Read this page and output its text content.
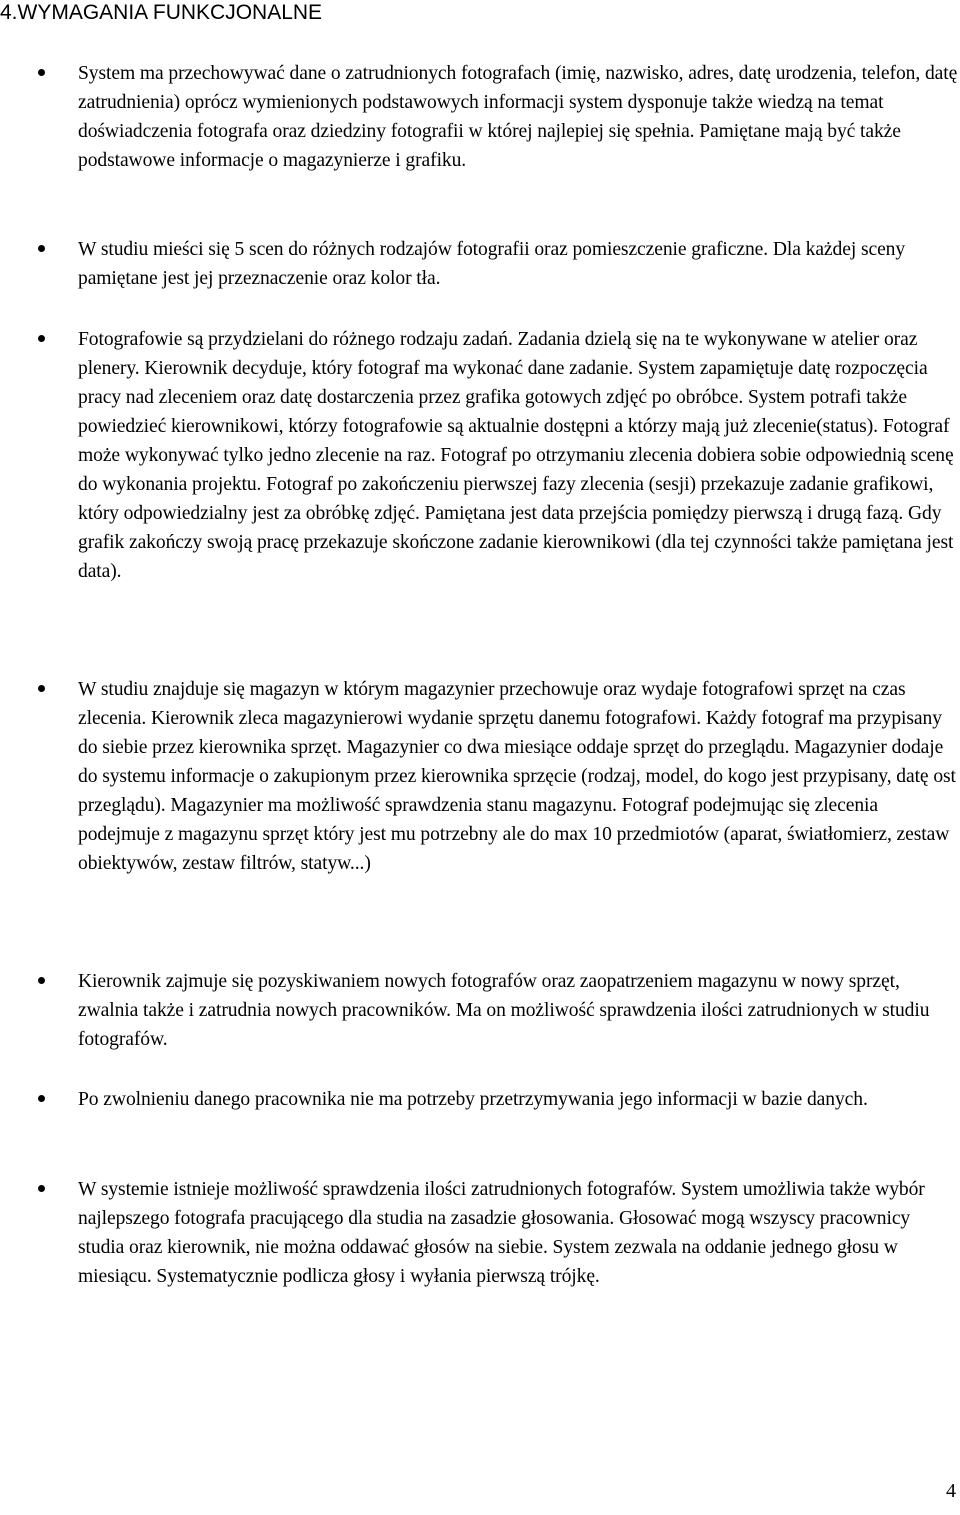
4.WYMAGANIA FUNKCJONALNE
System ma przechowywać dane o zatrudnionych fotografach (imię, nazwisko, adres, datę urodzenia, telefon, datę zatrudnienia) oprócz wymienionych podstawowych informacji system dysponuje także wiedzą na temat doświadczenia fotografa oraz dziedziny fotografii w której najlepiej się spełnia. Pamiętane mają być także podstawowe informacje o magazynierze i grafiku.
W studiu mieści się 5 scen do różnych rodzajów fotografii oraz pomieszczenie graficzne. Dla każdej sceny pamiętane jest jej przeznaczenie oraz kolor tła.
Fotografowie są przydzielani do różnego rodzaju zadań. Zadania dzielą się na te wykonywane w atelier oraz plenery. Kierownik decyduje, który fotograf ma wykonać dane zadanie. System zapamiętuje datę rozpoczęcia pracy nad zleceniem oraz datę dostarczenia przez grafika gotowych zdjęć po obróbce. System potrafi także powiedzieć kierownikowi, którzy fotografowie są aktualnie dostępni a którzy mają już zlecenie(status). Fotograf może wykonywać tylko jedno zlecenie na raz. Fotograf po otrzymaniu zlecenia dobiera sobie odpowiednią scenę do wykonania projektu. Fotograf po zakończeniu pierwszej fazy zlecenia (sesji) przekazuje zadanie grafikowi, który odpowiedzialny jest za obróbkę zdjęć. Pamiętana jest data przejścia pomiędzy pierwszą i drugą fazą. Gdy grafik zakończy swoją pracę przekazuje skończone zadanie kierownikowi (dla tej czynności także pamiętana jest data).
W studiu znajduje się magazyn w którym magazynier przechowuje oraz wydaje fotografowi sprzęt na czas zlecenia. Kierownik zleca magazynierowi wydanie sprzętu danemu fotografowi. Każdy fotograf ma przypisany do siebie przez kierownika sprzęt. Magazynier co dwa miesiące oddaje sprzęt do przeglądu. Magazynier dodaje do systemu informacje o zakupionym przez kierownika sprzęcie (rodzaj, model, do kogo jest przypisany, datę ost przeglądu). Magazynier ma możliwość sprawdzenia stanu magazynu. Fotograf podejmując się zlecenia podejmuje z magazynu sprzęt który jest mu potrzebny ale do max 10 przedmiotów (aparat, światłomierz, zestaw obiektywów, zestaw filtrów, statyw...)
Kierownik zajmuje się pozyskiwaniem nowych fotografów oraz zaopatrzeniem magazynu w nowy sprzęt, zwalnia także i zatrudnia nowych pracowników. Ma on możliwość sprawdzenia ilości zatrudnionych w studiu fotografów.
Po zwolnieniu danego pracownika nie ma potrzeby przetrzymywania jego informacji w bazie danych.
W systemie istnieje możliwość sprawdzenia ilości zatrudnionych fotografów. System umożliwia także wybór najlepszego fotografa pracującego dla studia na zasadzie głosowania. Głosować mogą wszyscy pracownicy studia oraz kierownik, nie można oddawać głosów na siebie. System zezwala na oddanie jednego głosu w miesiącu. Systematycznie podlicza głosy i wyłania pierwszą trójkę.
4
